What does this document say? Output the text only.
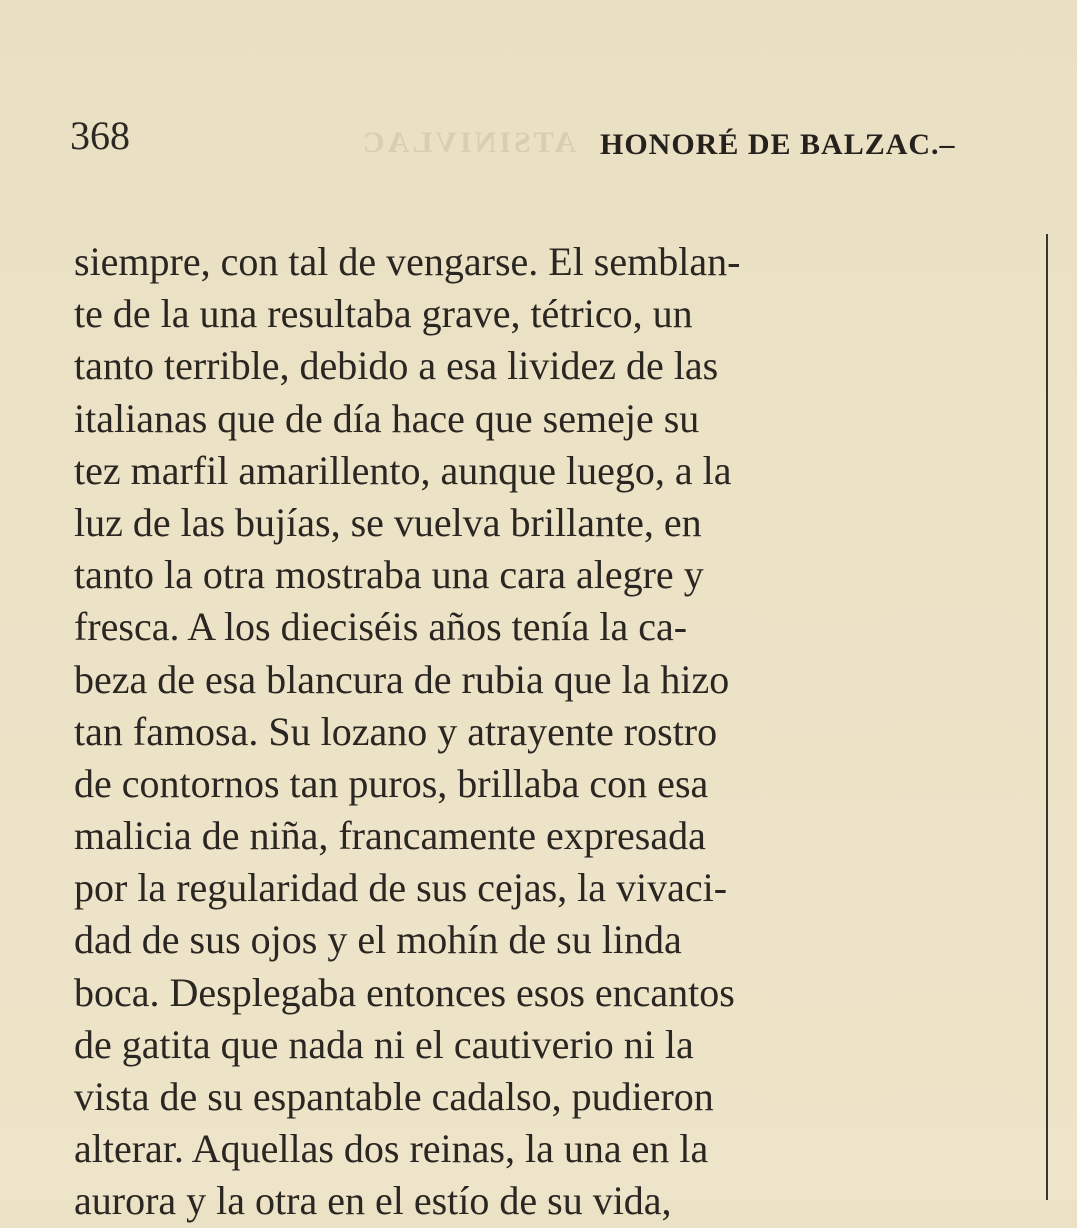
ATSINIVLAC
368	HONORÉ DE BALZAC.–
siempre, con tal de vengarse. El semblan-
te de la una resultaba grave, tétrico, un
tanto terrible, debido a esa lividez de las
italianas que de día hace que semeje su
tez marfil amarillento, aunque luego, a la
luz de las bujías, se vuelva brillante, en
tanto la otra mostraba una cara alegre y
fresca. A los dieciséis años tenía la ca-
beza de esa blancura de rubia que la hizo
tan famosa. Su lozano y atrayente rostro
de contornos tan puros, brillaba con esa
malicia de niña, francamente expresada
por la regularidad de sus cejas, la vivaci-
dad de sus ojos y el mohín de su linda
boca. Desplegaba entonces esos encantos
de gatita que nada ni el cautiverio ni la
vista de su espantable cadalso, pudieron
alterar. Aquellas dos reinas, la una en la
aurora y la otra en el estío de su vida,
